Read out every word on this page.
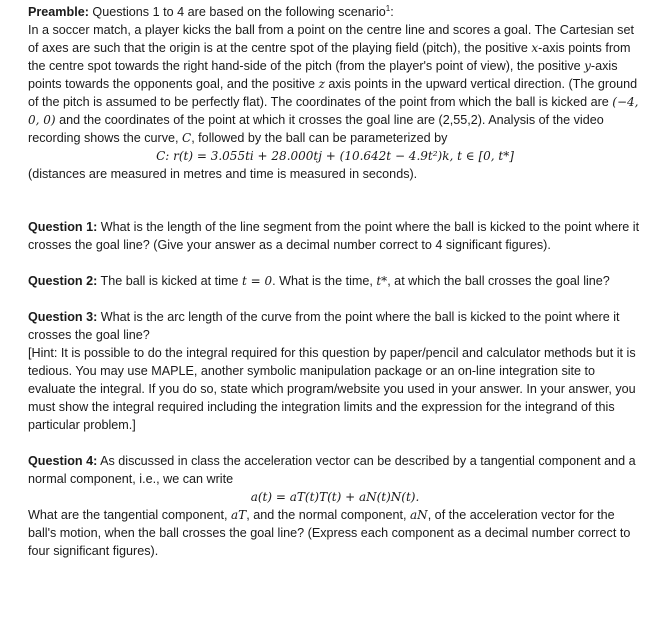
Preamble: Questions 1 to 4 are based on the following scenario$^1$:

In a soccer match, a player kicks the ball from a point on the centre line and scores a goal. The Cartesian set of axes are such that the origin is at the centre spot of the playing field (pitch), the positive x-axis points from the centre spot towards the right hand-side of the pitch (from the player's point of view), the positive y-axis points towards the opponents goal, and the positive z axis points in the upward vertical direction. (The ground of the pitch is assumed to be perfectly flat). The coordinates of the point from which the ball is kicked are (−4, 0, 0) and the coordinates of the point at which it crosses the goal line are (2,55,2). Analysis of the video recording shows the curve, C, followed by the ball can be parameterized by

C: r(t) = 3.055ti + 28.000tj + (10.642t − 4.9t²)k, t ∈ [0, t*]

(distances are measured in metres and time is measured in seconds).

Question 1: What is the length of the line segment from the point where the ball is kicked to the point where it crosses the goal line? (Give your answer as a decimal number correct to 4 significant figures).

Question 2: The ball is kicked at time t = 0. What is the time, t*, at which the ball crosses the goal line?

Question 3: What is the arc length of the curve from the point where the ball is kicked to the point where it crosses the goal line?

[Hint: It is possible to do the integral required for this question by paper/pencil and calculator methods but it is tedious. You may use MAPLE, another symbolic manipulation package or an on-line integration site to evaluate the integral. If you do so, state which program/website you used in your answer. In your answer, you must show the integral required including the integration limits and the expression for the integrand of this particular problem.]

Question 4: As discussed in class the acceleration vector can be described by a tangential component and a normal component, i.e., we can write

a(t) = aT(t)T(t) + aN(t)N(t).

What are the tangential component, aT, and the normal component, aN, of the acceleration vector for the ball's motion, when the ball crosses the goal line? (Express each component as a decimal number correct to four significant figures).
